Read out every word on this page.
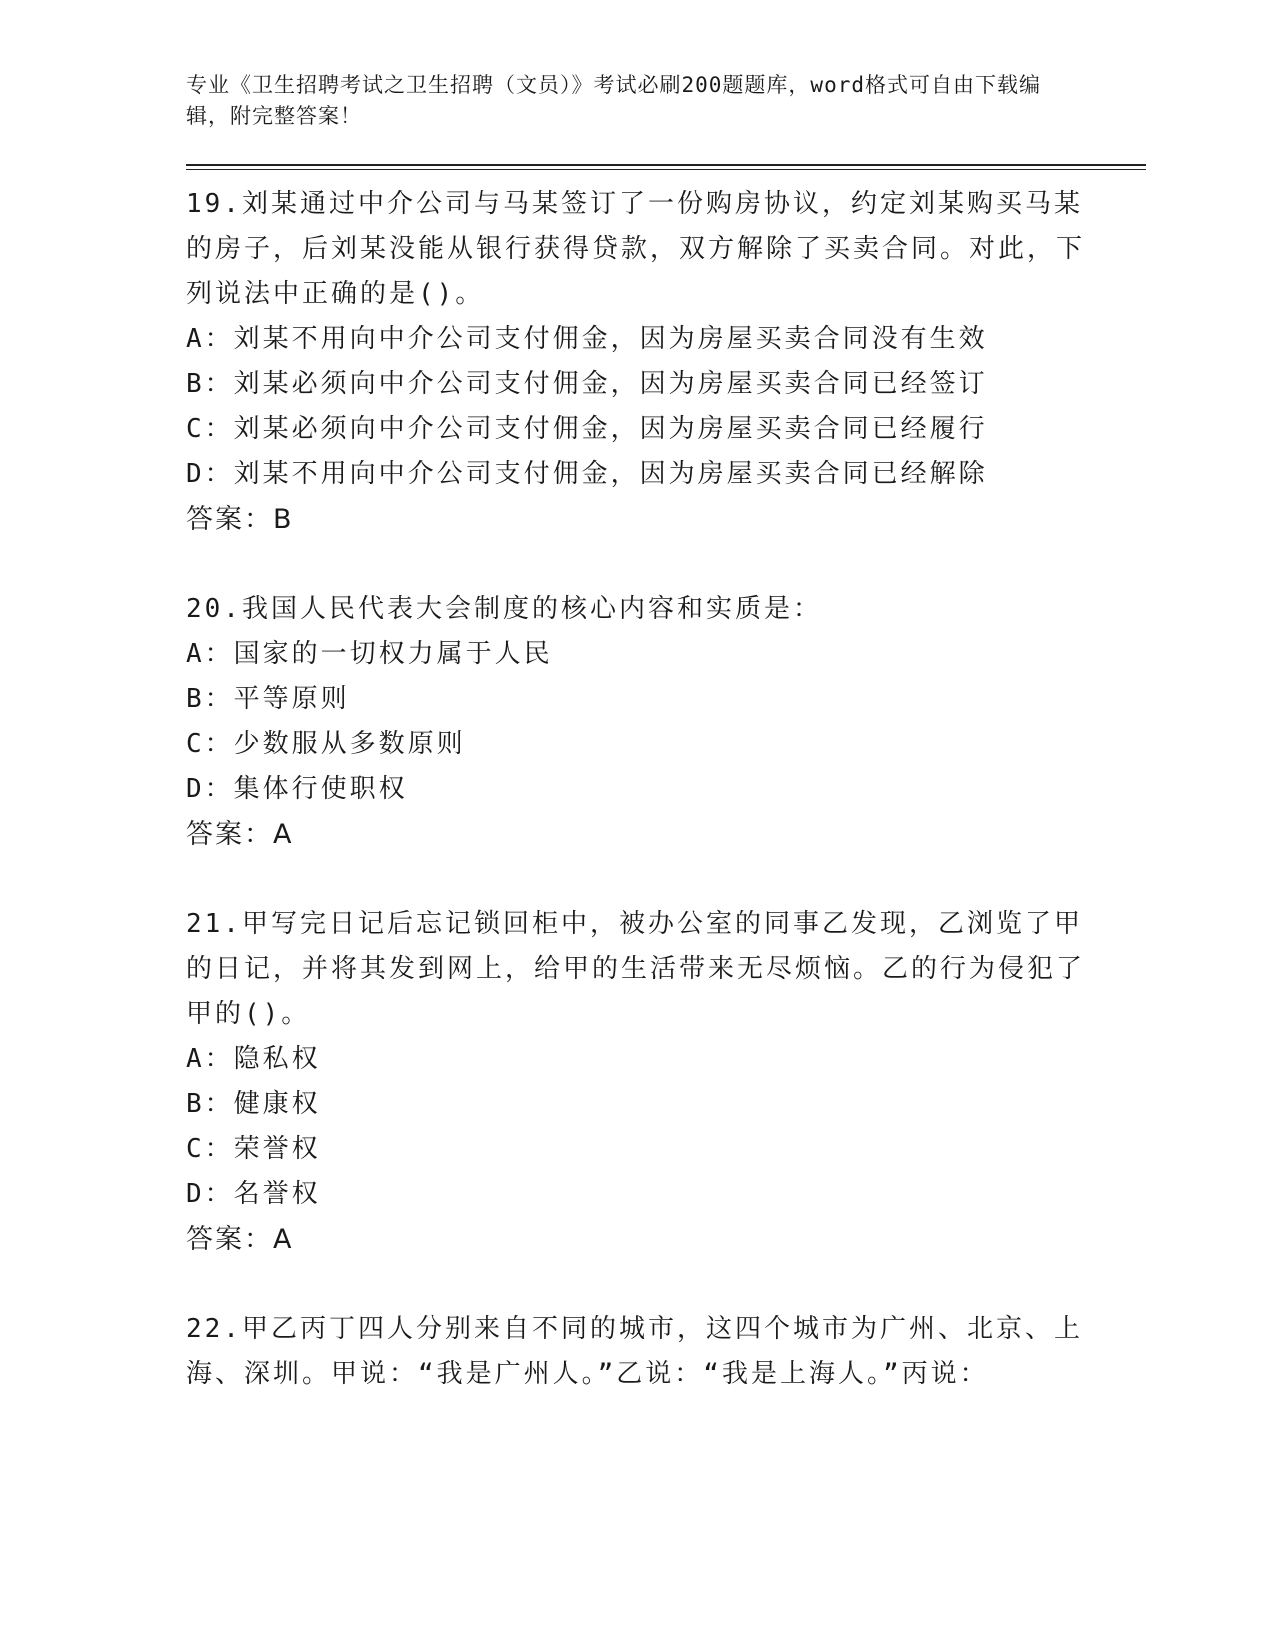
专业《卫生招聘考试之卫生招聘（文员）》考试必刷200题题库，word格式可自由下载编辑，附完整答案！
19.刘某通过中介公司与马某签订了一份购房协议，约定刘某购买马某的房子，后刘某没能从银行获得贷款，双方解除了买卖合同。对此，下列说法中正确的是()。
A：刘某不用向中介公司支付佣金，因为房屋买卖合同没有生效
B：刘某必须向中介公司支付佣金，因为房屋买卖合同已经签订
C：刘某必须向中介公司支付佣金，因为房屋买卖合同已经履行
D：刘某不用向中介公司支付佣金，因为房屋买卖合同已经解除
答案：B
20.我国人民代表大会制度的核心内容和实质是：
A：国家的一切权力属于人民
B：平等原则
C：少数服从多数原则
D：集体行使职权
答案：A
21.甲写完日记后忘记锁回柜中，被办公室的同事乙发现，乙浏览了甲的日记，并将其发到网上，给甲的生活带来无尽烦恼。乙的行为侵犯了甲的()。
A：隐私权
B：健康权
C：荣誉权
D：名誉权
答案：A
22.甲乙丙丁四人分别来自不同的城市，这四个城市为广州、北京、上海、深圳。甲说：“我是广州人。”乙说：“我是上海人。”丙说：
